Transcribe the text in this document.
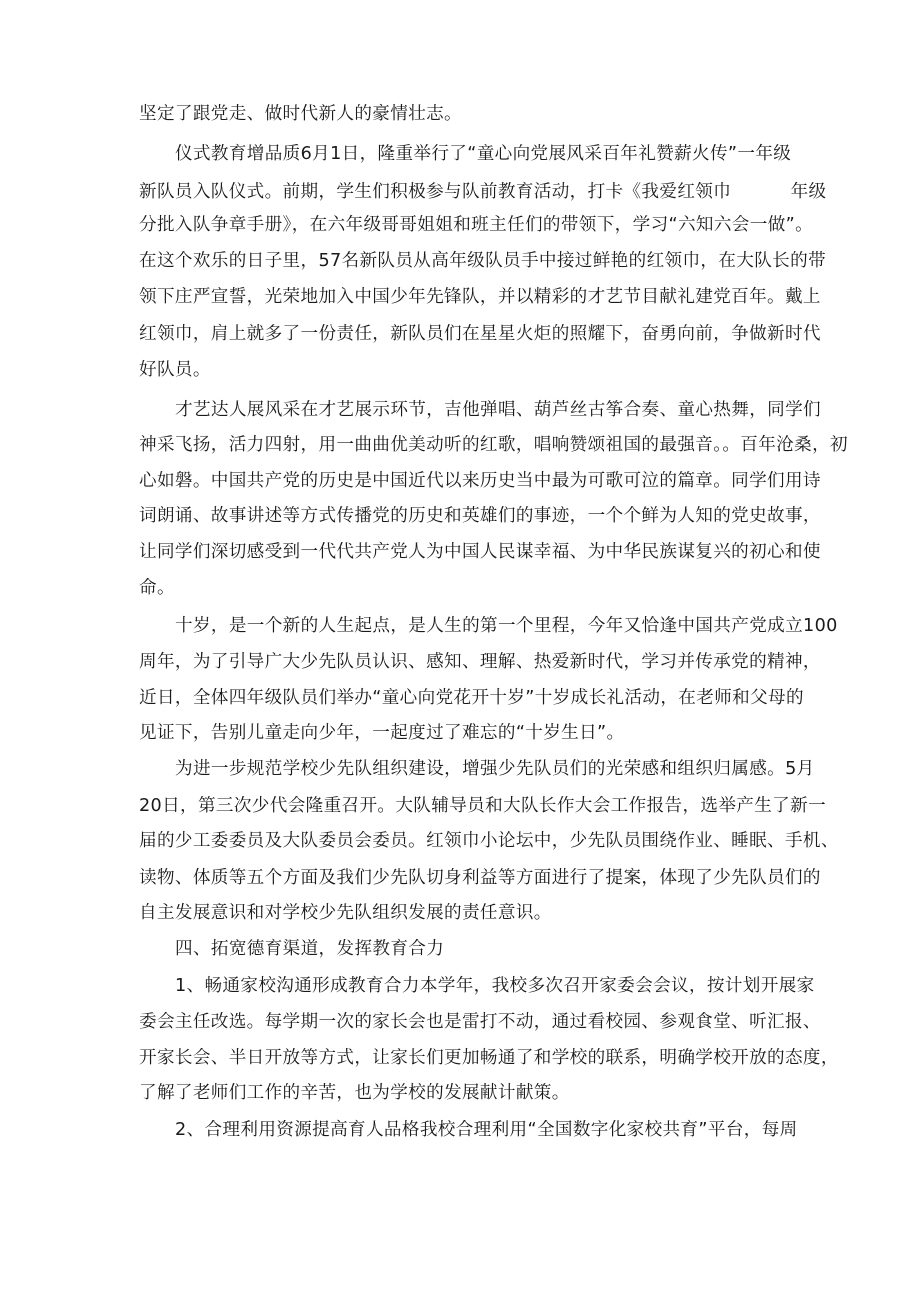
坚定了跟党走、做时代新人的豪情壮志。
仪式教育增品质6月1日，隆重举行了“童心向党展风采百年礼赞薪火传”一年级
新队员入队仪式。前期，学生们积极参与队前教育活动，打卡《我爱红领巾          年级
分批入队争章手册》，在六年级哥哥姐姐和班主任们的带领下，学习“六知六会一做”。
在这个欢乐的日子里，57名新队员从高年级队员手中接过鲜艳的红领巾，在大队长的带
领下庄严宣誓，光荣地加入中国少年先锋队，并以精彩的才艺节目献礼建党百年。戴上
红领巾，肩上就多了一份责任，新队员们在星星火炬的照耀下，奋勇向前，争做新时代
好队员。
才艺达人展风采在才艺展示环节，吉他弹唱、葫芦丝古筝合奏、童心热舞，同学们
神采飞扬，活力四射，用一曲曲优美动听的红歌，唱响赞颂祖国的最强音。。百年沧桑，初
心如磐。中国共产党的历史是中国近代以来历史当中最为可歌可泣的篇章。同学们用诗
词朗诵、故事讲述等方式传播党的历史和英雄们的事迹，一个个鲜为人知的党史故事，
让同学们深切感受到一代代共产党人为中国人民谋幸福、为中华民族谋复兴的初心和使
命。
十岁，是一个新的人生起点，是人生的第一个里程，今年又恰逢中国共产党成立100
周年，为了引导广大少先队员认识、感知、理解、热爱新时代，学习并传承党的精神，
近日，全体四年级队员们举办“童心向党花开十岁”十岁成长礼活动，在老师和父母的
见证下，告别儿童走向少年，一起度过了难忘的“十岁生日”。
为进一步规范学校少先队组织建设，增强少先队员们的光荣感和组织归属感。5月
20日，第三次少代会隆重召开。大队辅导员和大队长作大会工作报告，选举产生了新一
届的少工委委员及大队委员会委员。红领巾小论坛中，少先队员围绕作业、睡眠、手机、
读物、体质等五个方面及我们少先队切身利益等方面进行了提案，体现了少先队员们的
自主发展意识和对学校少先队组织发展的责任意识。
四、拓宽德育渠道，发挥教育合力
1、畅通家校沟通形成教育合力本学年，我校多次召开家委会会议，按计划开展家
委会主任改选。每学期一次的家长会也是雷打不动，通过看校园、参观食堂、听汇报、
开家长会、半日开放等方式，让家长们更加畅通了和学校的联系，明确学校开放的态度，
了解了老师们工作的辛苦，也为学校的发展献计献策。
2、合理利用资源提高育人品格我校合理利用“全国数字化家校共育”平台，每周
